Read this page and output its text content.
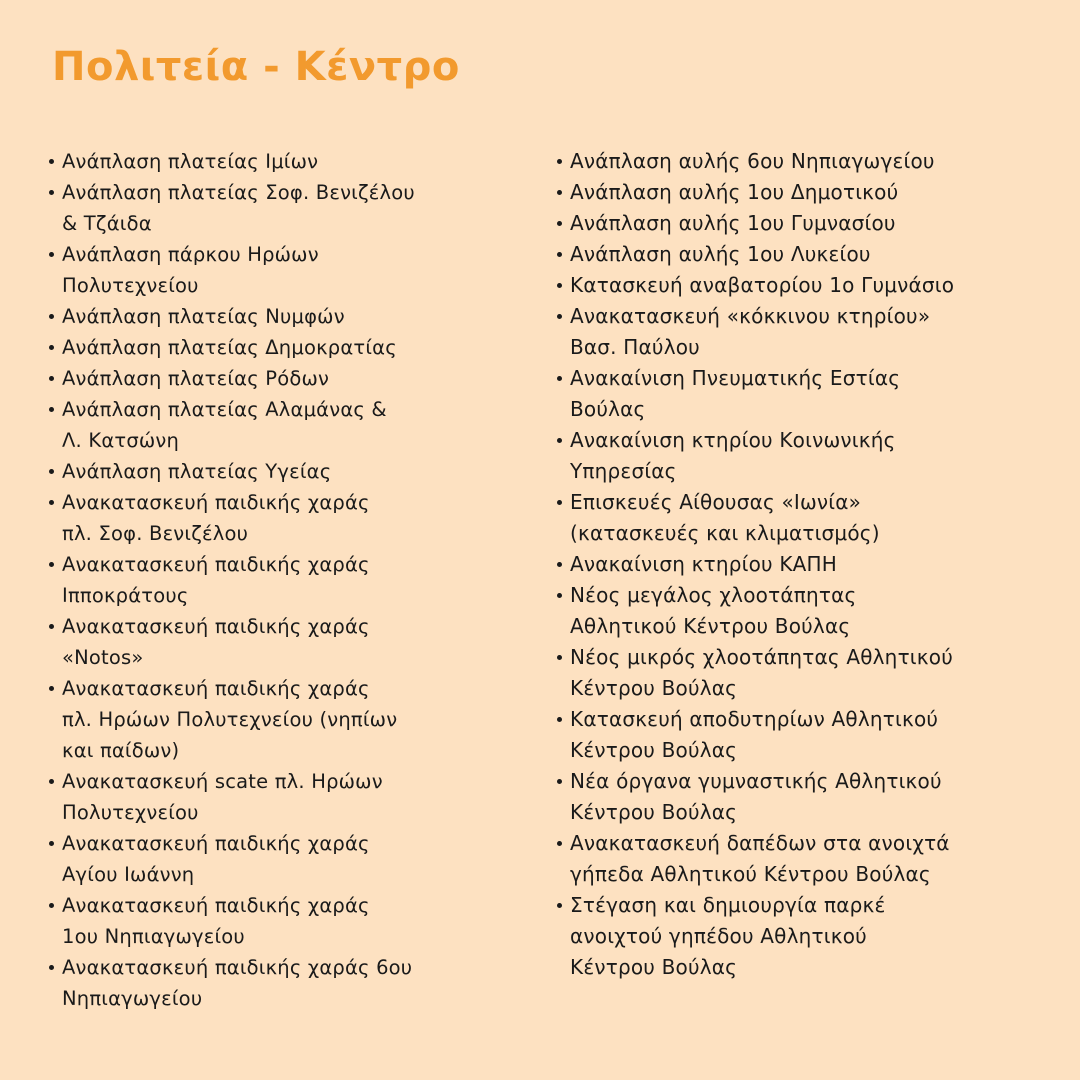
Πολιτεία - Κέντρο
Ανάπλαση πλατείας Ιμίων
Ανάπλαση πλατείας Σοφ. Βενιζέλου
& Τζάιδα
Ανάπλαση πάρκου Ηρώων
Πολυτεχνείου
Ανάπλαση πλατείας Νυμφών
Ανάπλαση πλατείας Δημοκρατίας
Ανάπλαση πλατείας Ρόδων
Ανάπλαση πλατείας Αλαμάνας &
Λ. Κατσώνη
Ανάπλαση πλατείας Υγείας
Ανακατασκευή παιδικής χαράς
πλ. Σοφ. Βενιζέλου
Ανακατασκευή παιδικής χαράς
Ιπποκράτους
Ανακατασκευή παιδικής χαράς
«Notos»
Ανακατασκευή παιδικής χαράς
πλ. Ηρώων Πολυτεχνείου (νηπίων
και παίδων)
Ανακατασκευή scate πλ. Ηρώων
Πολυτεχνείου
Ανακατασκευή παιδικής χαράς
Αγίου Ιωάννη
Ανακατασκευή παιδικής χαράς
1ου Νηπιαγωγείου
Ανακατασκευή παιδικής χαράς 6ου
Νηπιαγωγείου
Ανάπλαση αυλής 6ου Νηπιαγωγείου
Ανάπλαση αυλής 1ου Δημοτικού
Ανάπλαση αυλής 1ου Γυμνασίου
Ανάπλαση αυλής 1ου Λυκείου
Κατασκευή αναβατορίου 1ο Γυμνάσιο
Ανακατασκευή «κόκκινου κτηρίου»
Βασ. Παύλου
Ανακαίνιση Πνευματικής Εστίας
Βούλας
Ανακαίνιση κτηρίου Κοινωνικής
Υπηρεσίας
Επισκευές Αίθουσας «Ιωνία»
(κατασκευές και κλιματισμός)
Ανακαίνιση κτηρίου ΚΑΠΗ
Νέος μεγάλος χλοοτάπητας
Αθλητικού Κέντρου Βούλας
Νέος μικρός χλοοτάπητας Αθλητικού
Κέντρου Βούλας
Κατασκευή αποδυτηρίων Αθλητικού
Κέντρου Βούλας
Νέα όργανα γυμναστικής Αθλητικού
Κέντρου Βούλας
Ανακατασκευή δαπέδων στα ανοιχτά
γήπεδα Αθλητικού Κέντρου Βούλας
Στέγαση και δημιουργία παρκέ
ανοιχτού γηπέδου Αθλητικού
Κέντρου Βούλας
